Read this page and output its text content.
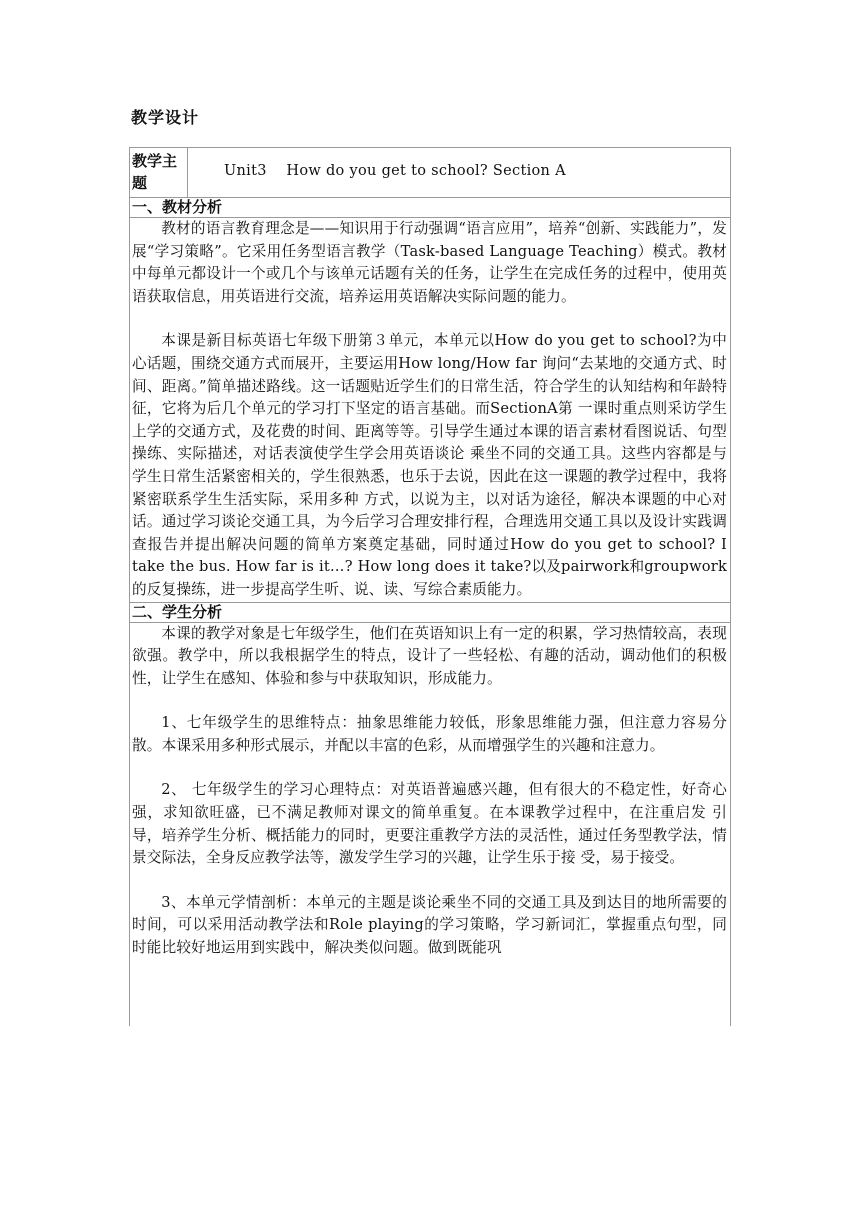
教学设计
教学主题
Unit3    How do you get to school? Section A
一、教材分析

教材的语言教育理念是——知识用于行动强调“语言应用”，培养“创新、实践能力”，发展“学习策略”。它采用任务型语言教学（Task-based Language Teaching）模式。教材中每单元都设计一个或几个与该单元话题有关的任务，让学生在完成任务的过程中，使用英语获取信息，用英语进行交流，培养运用英语解决实际问题的能力。

本课是新目标英语七年级下册第３单元，本单元以How do you get to school?为中心话题，围绕交通方式而展开，主要运用How long/How far 询问“去某地的交通方式、时间、距离。”简单描述路线。这一话题贴近学生们的日常生活，符合学生的认知结构和年龄特征，它将为后几个单元的学习打下坚定的语言基础。而SectionA第 一课时重点则采访学生上学的交通方式，及花费的时间、距离等等。引导学生通过本课的语言素材看图说话、句型操练、实际描述，对话表演使学生学会用英语谈论 乘坐不同的交通工具。这些内容都是与学生日常生活紧密相关的，学生很熟悉，也乐于去说，因此在这一课题的教学过程中，我将紧密联系学生生活实际，采用多种 方式，以说为主，以对话为途径，解决本课题的中心对话。通过学习谈论交通工具，为今后学习合理安排行程，合理选用交通工具以及设计实践调查报告并提出解决问题的简单方案奠定基础，同时通过How do you get to school? I take the bus. How far is it…? How long does it take?以及pairwork和groupwork的反复操练，进一步提高学生听、说、读、写综合素质能力。

二、学生分析

本课的教学对象是七年级学生，他们在英语知识上有一定的积累，学习热情较高，表现欲强。教学中，所以我根据学生的特点，设计了一些轻松、有趣的活动，调动他们的积极性，让学生在感知、体验和参与中获取知识，形成能力。

1、七年级学生的思维特点：抽象思维能力较低，形象思维能力强，但注意力容易分散。本课采用多种形式展示，并配以丰富的色彩，从而增强学生的兴趣和注意力。

2、 七年级学生的学习心理特点：对英语普遍感兴趣，但有很大的不稳定性，好奇心强，求知欲旺盛，已不满足教师对课文的简单重复。在本课教学过程中，在注重启发 引导，培养学生分析、概括能力的同时，更要注重教学方法的灵活性，通过任务型教学法，情景交际法，全身反应教学法等，激发学生学习的兴趣，让学生乐于接 受，易于接受。

3、本单元学情剖析：本单元的主题是谈论乘坐不同的交通工具及到达目的地所需要的时间，可以采用活动教学法和Role playing的学习策略，学习新词汇，掌握重点句型，同时能比较好地运用到实践中，解决类似问题。做到既能巩
